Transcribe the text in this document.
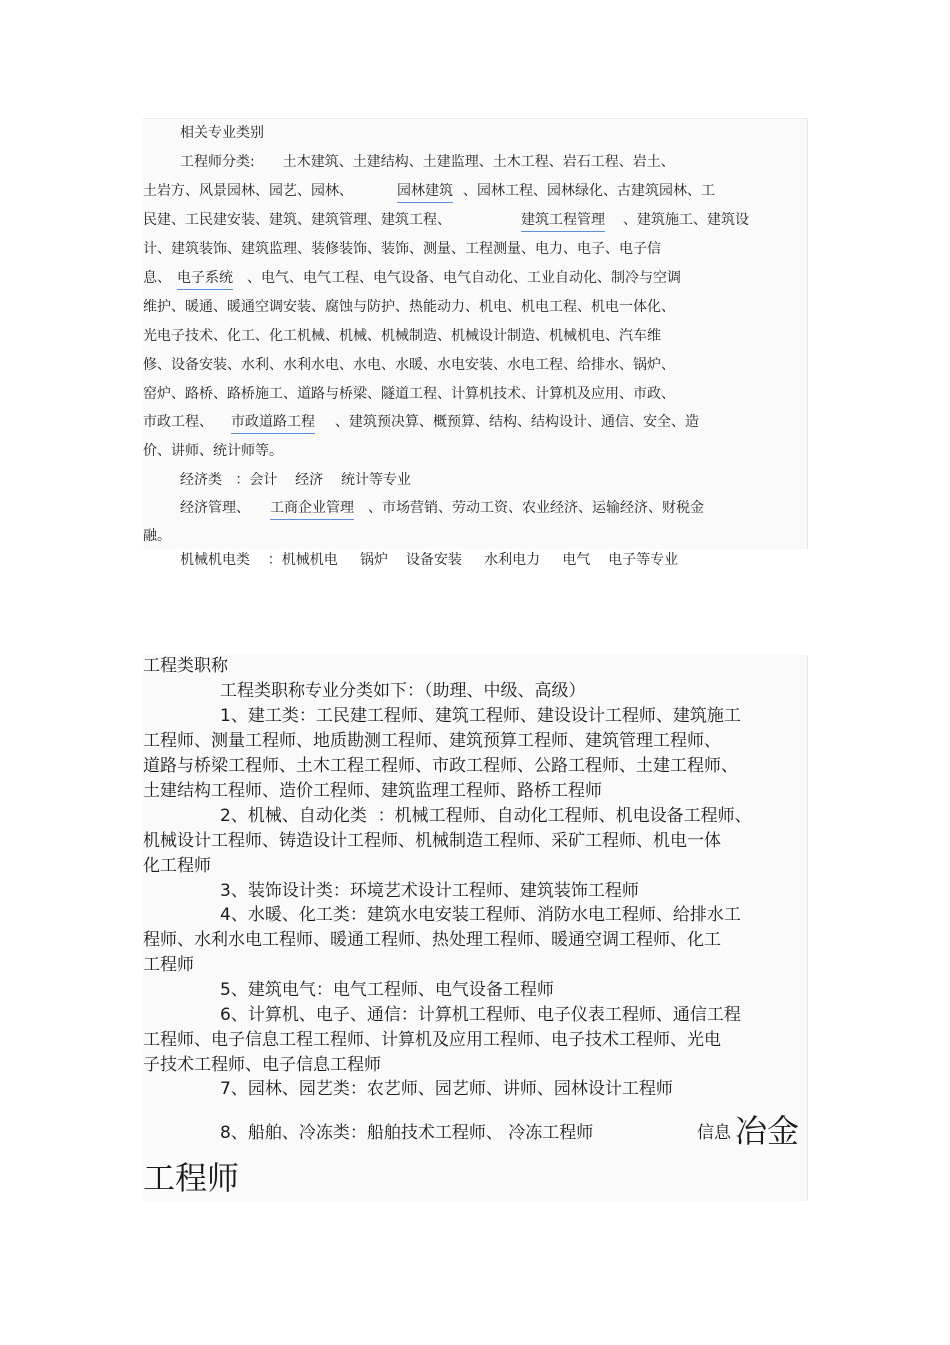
相关专业类别

工程师分类: 土木建筑、土建结构、土建监理、土木工程、岩石工程、岩土、

土岩方、风景园林、园艺、园林、	园林建筑 、园林工程、园林绿化、古建筑园林、工

民建、工民建安装、建筑、建筑管理、建筑工程、	建筑工程管理 、建筑施工、建筑设

计、建筑装饰、建筑监理、装修装饰、装饰、测量、工程测量、电力、电子、电子信

息、 电子系统 、电气、电气工程、电气设备、电气自动化、工业自动化、制冷与空调

维护、暖通、暖通空调安装、腐蚀与防护、热能动力、机电、机电工程、机电一体化、

光电子技术、化工、化工机械、机械、机械制造、机械设计制造、机械机电、汽车维

修、设备安装、水利、水利水电、水电、水暖、水电安装、水电工程、给排水、锅炉、

窑炉、路桥、路桥施工、道路与桥梁、隧道工程、计算机技术、计算机及应用、市政、

市政工程、 市政道路工程 、建筑预决算、概预算、结构、结构设计、通信、安全、造

价、讲师、统计师等。

经济类   ：会计    经济    统计等专业

经济管理、 工商企业管理 、市场营销、劳动工资、农业经济、运输经济、财税金

融。

机械机电类    ：机械机电     锅炉    设备安装     水利电力     电气    电子等专业

工程类职称

工程类职称专业分类如下：（助理、中级、高级）

1、建工类：工民建工程师、建筑工程师、建设设计工程师、建筑施工

工程师、测量工程师、地质勘测工程师、建筑预算工程师、建筑管理工程师、

道路与桥梁工程师、土木工程工程师、市政工程师、公路工程师、土建工程师、

土建结构工程师、造价工程师、建筑监理工程师、路桥工程师

2、机械、自动化类  ：机械工程师、自动化工程师、机电设备工程师、

机械设计工程师、铸造设计工程师、机械制造工程师、采矿工程师、机电一体

化工程师

3、装饰设计类：环境艺术设计工程师、建筑装饰工程师

4、水暖、化工类：建筑水电安装工程师、消防水电工程师、给排水工

程师、水利水电工程师、暖通工程师、热处理工程师、暖通空调工程师、化工

工程师

5、建筑电气：电气工程师、电气设备工程师

6、计算机、电子、通信：计算机工程师、电子仪表工程师、通信工程

工程师、电子信息工程工程师、计算机及应用工程师、电子技术工程师、光电

子技术工程师、电子信息工程师

7、园林、园艺类：农艺师、园艺师、讲师、园林设计工程师

8、船舶、冷冻类：船舶技术工程师、 冷冻工程师	信息 冶金

工程师
